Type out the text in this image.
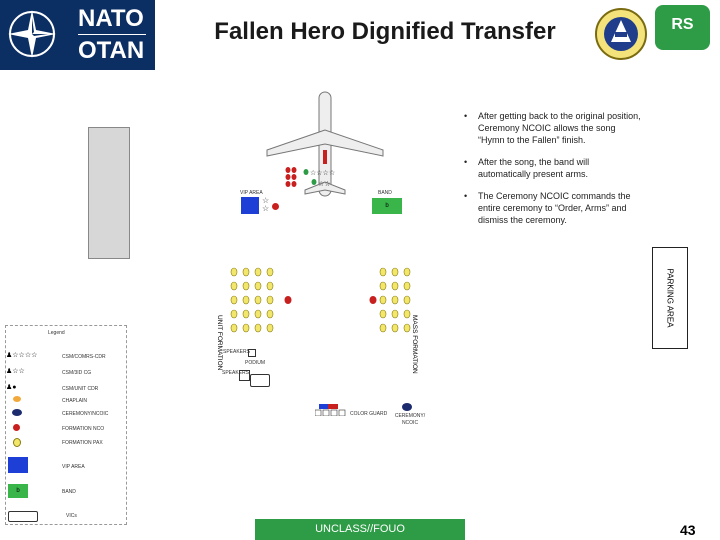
NATO
OTAN
Fallen Hero Dignified Transfer	RS

• After getting back to the original position, Ceremony NCOIC allows the song “Hymn to the Fallen” finish.

• After the song, the band will automatically present arms.

• The Ceremony NCOIC commands the entire ceremony to “Order, Arms” and dismiss the ceremony.

PARKING AREA
☆☆☆☆
☆☆
VIP AREA
☆
☆
BAND
b
UNIT FORMATION	MASS FORMATION
SPEAKERS
PODIUM
SPEAKERS
COLOR GUARD CEREMONY/ NCOIC
Legend
♟☆☆☆☆	CSM/COMRS-CDR
♟☆☆	CSM/3ID CG
♟●	CSM/UNIT CDR
CHAPLAIN
CEREMONY/NCOIC
FORMATION NCO
FORMATION PAX
VIP AREA
b	BAND
VICs
UNCLASS//FOUO	43
